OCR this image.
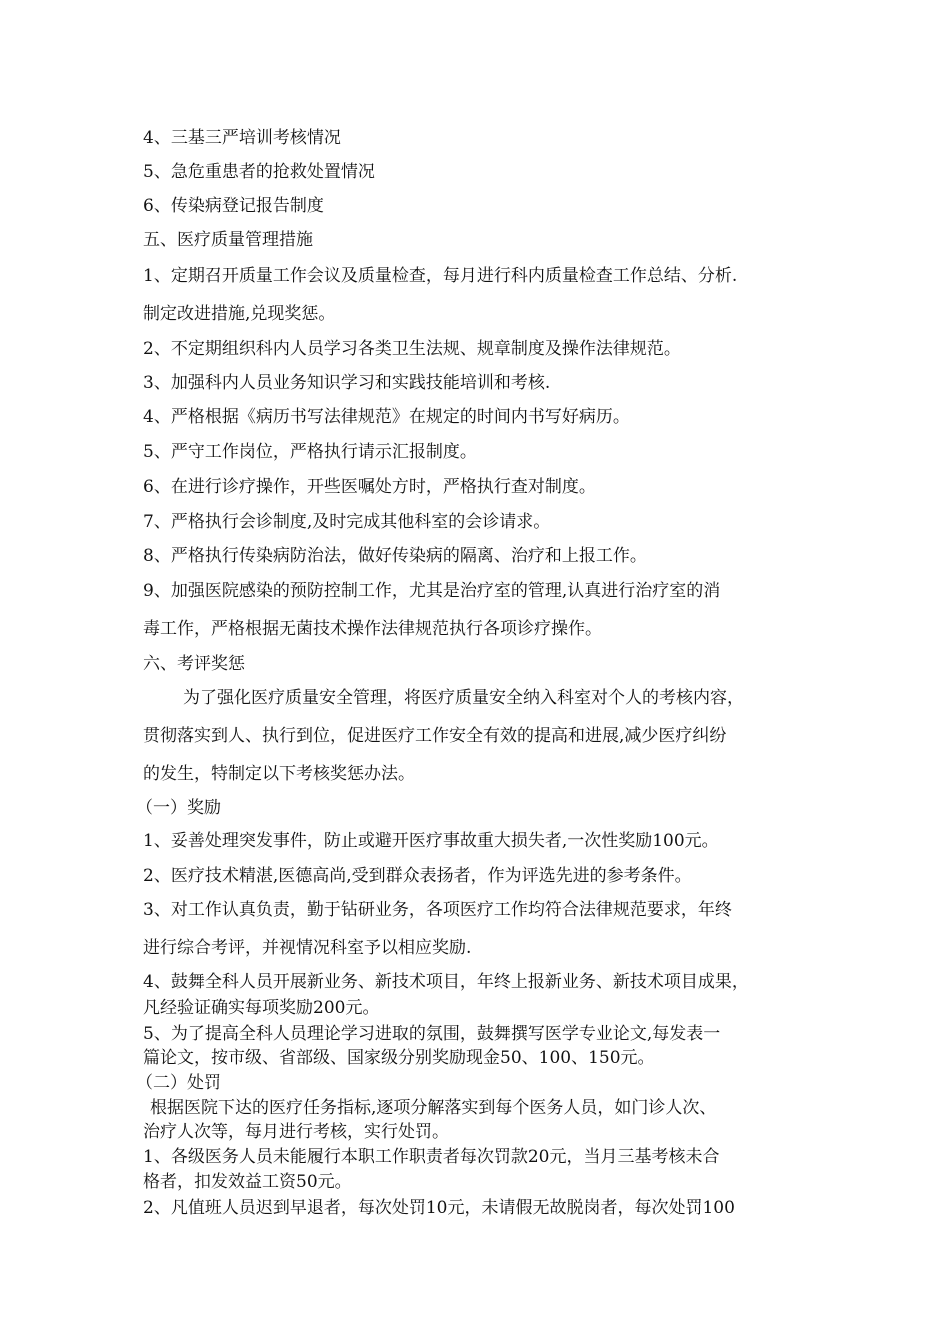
4、三基三严培训考核情况
5、急危重患者的抢救处置情况
6、传染病登记报告制度
五、医疗质量管理措施
1、定期召开质量工作会议及质量检查，每月进行科内质量检查工作总结、分析.
制定改进措施,兑现奖惩。
2、不定期组织科内人员学习各类卫生法规、规章制度及操作法律规范。
3、加强科内人员业务知识学习和实践技能培训和考核.
4、严格根据《病历书写法律规范》在规定的时间内书写好病历。
5、严守工作岗位，严格执行请示汇报制度。
6、在进行诊疗操作，开些医嘱处方时，严格执行查对制度。
7、严格执行会诊制度,及时完成其他科室的会诊请求。
8、严格执行传染病防治法，做好传染病的隔离、治疗和上报工作。
9、加强医院感染的预防控制工作，尤其是治疗室的管理,认真进行治疗室的消
毒工作，严格根据无菌技术操作法律规范执行各项诊疗操作。
六、考评奖惩
为了强化医疗质量安全管理，将医疗质量安全纳入科室对个人的考核内容，
贯彻落实到人、执行到位，促进医疗工作安全有效的提高和进展,减少医疗纠纷
的发生，特制定以下考核奖惩办法。
（一）奖励
1、妥善处理突发事件，防止或避开医疗事故重大损失者,一次性奖励100元。
2、医疗技术精湛,医德高尚,受到群众表扬者，作为评选先进的参考条件。
3、对工作认真负责，勤于钻研业务，各项医疗工作均符合法律规范要求，年终
进行综合考评，并视情况科室予以相应奖励.
4、鼓舞全科人员开展新业务、新技术项目，年终上报新业务、新技术项目成果，
凡经验证确实每项奖励200元。
5、为了提高全科人员理论学习进取的氛围，鼓舞撰写医学专业论文,每发表一
篇论文，按市级、省部级、国家级分别奖励现金50、100、150元。
（二）处罚
根据医院下达的医疗任务指标,逐项分解落实到每个医务人员，如门诊人次、
治疗人次等，每月进行考核，实行处罚。
1、各级医务人员未能履行本职工作职责者每次罚款20元，当月三基考核未合
格者，扣发效益工资50元。
2、凡值班人员迟到早退者，每次处罚10元，未请假无故脱岗者，每次处罚100
